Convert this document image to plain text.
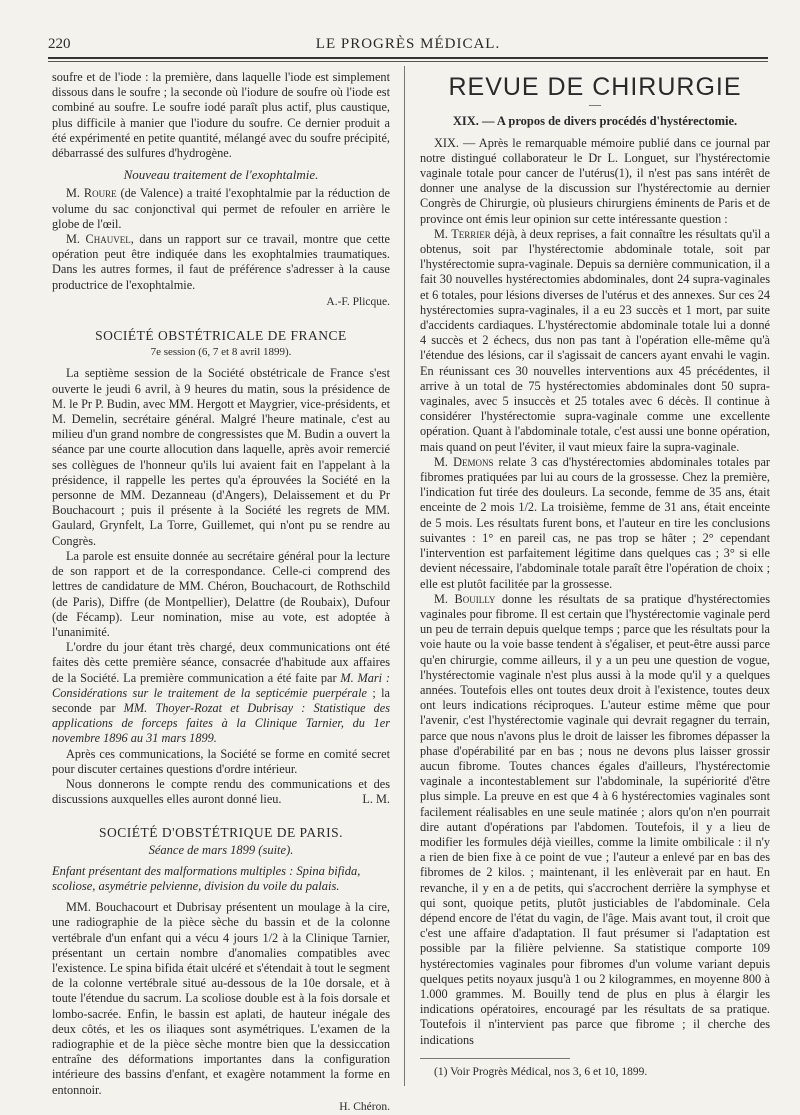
220	LE PROGRÈS MÉDICAL.

soufre et de l'iode : la première, dans laquelle l'iode est simplement dissous dans le soufre ; la seconde où l'iodure de soufre où l'iode est combiné au soufre. Le soufre iodé paraît plus actif, plus caustique, plus difficile à manier que l'iodure du soufre. Ce dernier produit a été expérimenté en petite quantité, mélangé avec du soufre précipité, débarrassé des sulfures d'hydrogène.

Nouveau traitement de l'exophtalmie.

M. Roure (de Valence) a traité l'exophtalmie par la réduction de volume du sac conjonctival qui permet de refouler en arrière le globe de l'œil.

M. Chauvel, dans un rapport sur ce travail, montre que cette opération peut être indiquée dans les exophtalmies traumatiques. Dans les autres formes, il faut de préférence s'adresser à la cause productrice de l'exophtalmie.

A.-F. Plicque.
SOCIÉTÉ OBSTÉTRICALE DE FRANCE
7e session (6, 7 et 8 avril 1899).

La septième session de la Société obstétricale de France s'est ouverte le jeudi 6 avril, à 9 heures du matin, sous la présidence de M. le Pr P. Budin, avec MM. Hergott et Maygrier, vice-présidents, et M. Demelin, secrétaire général. Malgré l'heure matinale, c'est au milieu d'un grand nombre de congressistes que M. Budin a ouvert la séance par une courte allocution dans laquelle, après avoir remercié ses collègues de l'honneur qu'ils lui avaient fait en l'appelant à la présidence, il rappelle les pertes qu'a éprouvées la Société en la personne de MM. Dezanneau (d'Angers), Delaissement et du Pr Bouchacourt ; puis il présente à la Société les regrets de MM. Gaulard, Grynfelt, La Torre, Guillemet, qui n'ont pu se rendre au Congrès.

La parole est ensuite donnée au secrétaire général pour la lecture de son rapport et de la correspondance. Celle-ci comprend des lettres de candidature de MM. Chéron, Bouchacourt, de Rothschild (de Paris), Diffre (de Montpellier), Delattre (de Roubaix), Dufour (de Fécamp). Leur nomination, mise au vote, est adoptée à l'unanimité.

L'ordre du jour étant très chargé, deux communications ont été faites dès cette première séance, consacrée d'habitude aux affaires de la Société. La première communication a été faite par M. Mari : Considérations sur le traitement de la septicémie puerpérale ; la seconde par MM. Thoyer-Rozat et Dubrisay : Statistique des applications de forceps faites à la Clinique Tarnier, du 1er novembre 1896 au 31 mars 1899.

Après ces communications, la Société se forme en comité secret pour discuter certaines questions d'ordre intérieur.

Nous donnerons le compte rendu des communications et des discussions auxquelles elles auront donné lieu.	L. M.

SOCIÉTÉ D'OBSTÉTRIQUE DE PARIS.
Séance de mars 1899 (suite).
Enfant présentant des malformations multiples : Spina bifida, scoliose, asymétrie pelvienne, division du voile du palais.

MM. Bouchacourt et Dubrisay présentent un moulage à la cire, une radiographie de la pièce sèche du bassin et de la colonne vertébrale d'un enfant qui a vécu 4 jours 1/2 à la Clinique Tarnier, présentant un certain nombre d'anomalies compatibles avec l'existence. Le spina bifida était ulcéré et s'étendait à tout le segment de la colonne vertébrale situé au-dessous de la 10e dorsale, et à toute l'étendue du sacrum. La scoliose double est à la fois dorsale et lombo-sacrée. Enfin, le bassin est aplati, de hauteur inégale des deux côtés, et les os iliaques sont asymétriques. L'examen de la radiographie et de la pièce sèche montre bien que la dessiccation entraîne des déformations importantes dans la configuration intérieure des bassins d'enfant, et exagère notamment la forme en entonnoir.

H. Chéron.
REVUE DE CHIRURGIE
—
XIX. — A propos de divers procédés d'hystérectomie.

XIX. — Après le remarquable mémoire publié dans ce journal par notre distingué collaborateur le Dr L. Longuet, sur l'hystérectomie vaginale totale pour cancer de l'utérus(1), il n'est pas sans intérêt de donner une analyse de la discussion sur l'hystérectomie au dernier Congrès de Chirurgie, où plusieurs chirurgiens éminents de Paris et de province ont émis leur opinion sur cette intéressante question :

M. Terrier déjà, à deux reprises, a fait connaître les résultats qu'il a obtenus, soit par l'hystérectomie abdominale totale, soit par l'hystérectomie supra-vaginale. Depuis sa dernière communication, il a fait 30 nouvelles hystérectomies abdominales, dont 24 supra-vaginales et 6 totales, pour lésions diverses de l'utérus et des annexes. Sur ces 24 hystérectomies supra-vaginales, il a eu 23 succès et 1 mort, par suite d'accidents cardiaques. L'hystérectomie abdominale totale lui a donné 4 succès et 2 échecs, dus non pas tant à l'opération elle-même qu'à l'étendue des lésions, car il s'agissait de cancers ayant envahi le vagin. En réunissant ces 30 nouvelles interventions aux 45 précédentes, il arrive à un total de 75 hystérectomies abdominales dont 50 supra-vaginales, avec 5 insuccès et 25 totales avec 6 décès. Il continue à considérer l'hystérectomie supra-vaginale comme une excellente opération. Quant à l'abdominale totale, c'est aussi une bonne opération, mais quand on peut l'éviter, il vaut mieux faire la supra-vaginale.

M. Demons relate 3 cas d'hystérectomies abdominales totales par fibromes pratiquées par lui au cours de la grossesse. Chez la première, l'indication fut tirée des douleurs. La seconde, femme de 35 ans, était enceinte de 2 mois 1/2. La troisième, femme de 31 ans, était enceinte de 5 mois. Les résultats furent bons, et l'auteur en tire les conclusions suivantes : 1° en pareil cas, ne pas trop se hâter ; 2° cependant l'intervention est parfaitement légitime dans quelques cas ; 3° si elle devient nécessaire, l'abdominale totale paraît être l'opération de choix ; elle est plutôt facilitée par la grossesse.

M. Bouilly donne les résultats de sa pratique d'hystérectomies vaginales pour fibrome. Il est certain que l'hystérectomie vaginale perd un peu de terrain depuis quelque temps ; parce que les résultats pour la voie haute ou la voie basse tendent à s'égaliser, et peut-être aussi parce qu'en chirurgie, comme ailleurs, il y a un peu une question de vogue, l'hystérectomie vaginale n'est plus aussi à la mode qu'il y a quelques années. Toutefois elles ont toutes deux droit à l'existence, toutes deux ont leurs indications réciproques. L'auteur estime même que pour l'avenir, c'est l'hystérectomie vaginale qui devrait regagner du terrain, parce que nous n'avons plus le droit de laisser les fibromes dépasser la phase d'opérabilité par en bas ; nous ne devons plus laisser grossir aucun fibrome. Toutes chances égales d'ailleurs, l'hystérectomie vaginale a incontestablement sur l'abdominale, la supériorité d'être plus simple. La preuve en est que 4 à 6 hystérectomies vaginales sont facilement réalisables en une seule matinée ; alors qu'on n'en pourrait dire autant d'opérations par l'abdomen. Toutefois, il y a lieu de modifier les formules déjà vieilles, comme la limite ombilicale : il n'y a rien de bien fixe à ce point de vue ; l'auteur a enlevé par en bas des fibromes de 2 kilos. ; maintenant, il les enlèverait par en haut. En revanche, il y en a de petits, qui s'accrochent derrière la symphyse et qui sont, quoique petits, plutôt justiciables de l'abdominale. Cela dépend encore de l'état du vagin, de l'âge. Mais avant tout, il croit que c'est une affaire d'adaptation. Il faut présumer si l'adaptation est possible par la filière pelvienne. Sa statistique comporte 109 hystérectomies vaginales pour fibromes d'un volume variant depuis quelques petits noyaux jusqu'à 1 ou 2 kilogrammes, en moyenne 800 à 1.000 grammes. M. Bouilly tend de plus en plus à élargir les indications opératoires, encouragé par les résultats de sa pratique. Toutefois il n'intervient pas parce que fibrome ; il cherche des indications

(1) Voir Progrès Médical, nos 3, 6 et 10, 1899.
